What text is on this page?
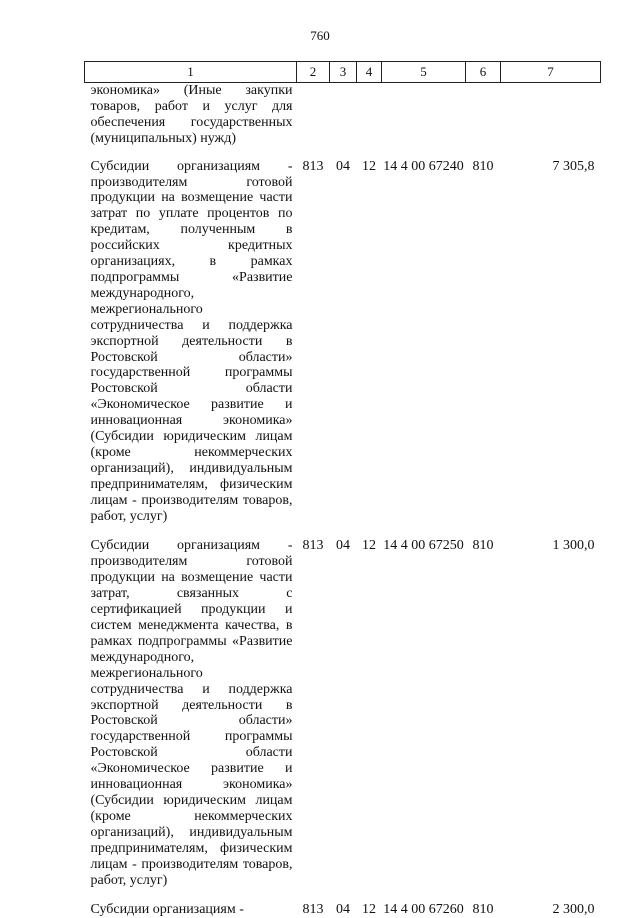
760
1	2	3	4	5	6	7
экономика» (Иные закупки товаров, работ и услуг для обеспечения государственных (муниципальных) нужд)						
Субсидии организациям - производителям готовой продукции на возмещение части затрат по уплате процентов по кредитам, полученным в российских кредитных организациях, в рамках подпрограммы «Развитие международного, межрегионального сотрудничества и поддержка экспортной деятельности в Ростовской области» государственной программы Ростовской области «Экономическое развитие и инновационная экономика» (Субсидии юридическим лицам (кроме некоммерческих организаций), индивидуальным предпринимателям, физическим лицам - производителям товаров, работ, услуг)	813	04	12	14 4 00 67240	810	7 305,8
Субсидии организациям - производителям готовой продукции на возмещение части затрат, связанных с сертификацией продукции и систем менеджмента качества, в рамках подпрограммы «Развитие международного, межрегионального сотрудничества и поддержка экспортной деятельности в Ростовской области» государственной программы Ростовской области «Экономическое развитие и инновационная экономика» (Субсидии юридическим лицам (кроме некоммерческих организаций), индивидуальным предпринимателям, физическим лицам - производителям товаров, работ, услуг)	813	04	12	14 4 00 67250	810	1 300,0
Субсидии организациям -	813	04	12	14 4 00 67260	810	2 300,0
